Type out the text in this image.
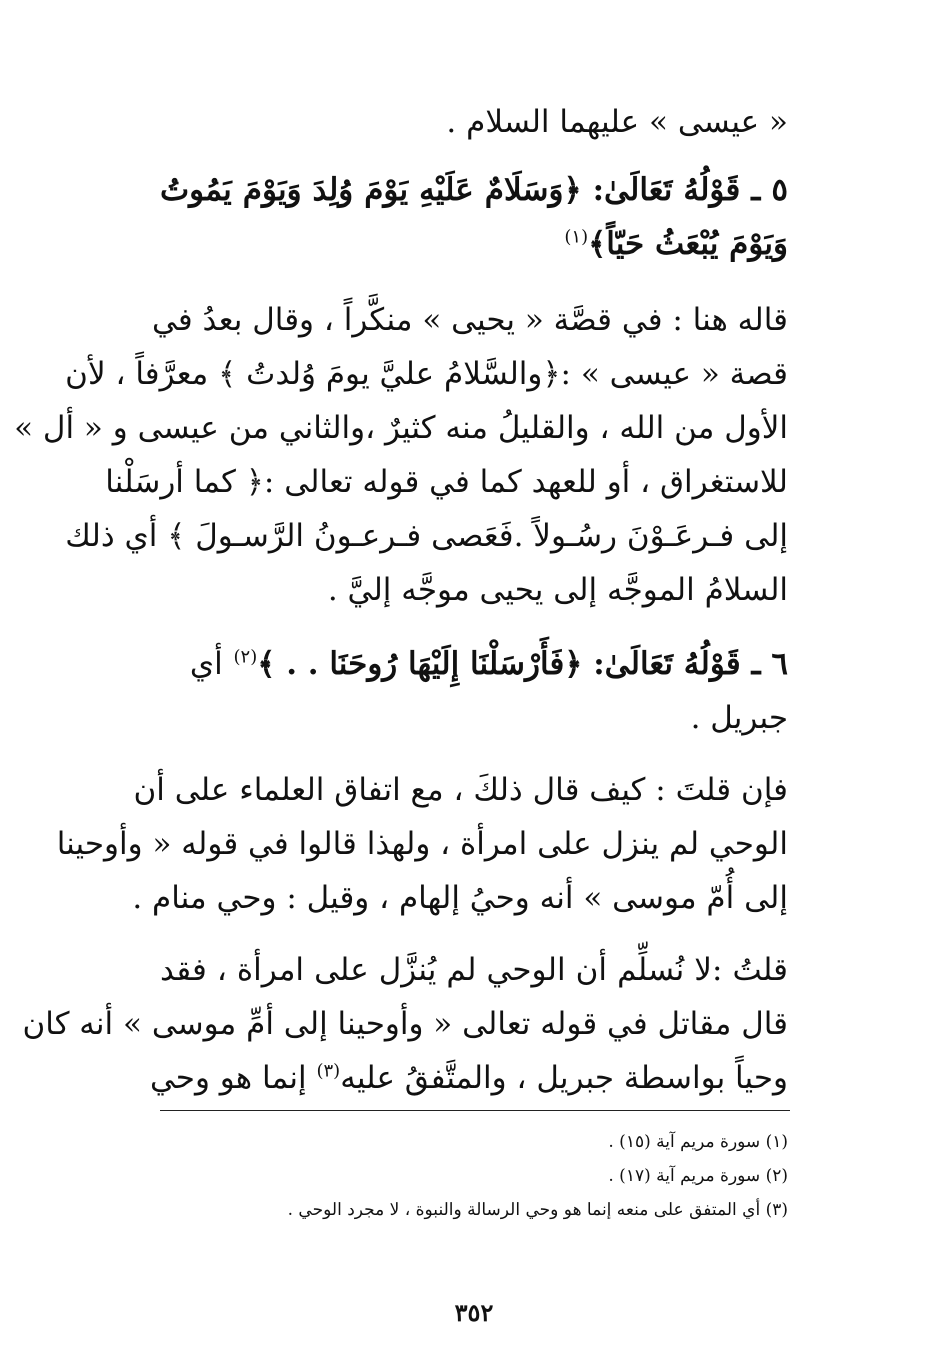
« عيسى » عليهما السلام .
٥ ـ قَوْلُهُ تَعَالَىٰ: ﴿وَسَلَامٌ عَلَيْهِ يَوْمَ وُلِدَ وَيَوْمَ يَمُوتُ
وَيَوْمَ يُبْعَثُ حَيّاً﴾$^{(١)}$
قاله هنا : في قصَّة « يحيى » منكَّراً ، وقال بعدُ في
قصة « عيسى » :﴿والسَّلامُ عليَّ يومَ وُلدتُ ﴾ معرَّفاً ، لأن
الأول من الله ، والقليلُ منه كثيرٌ ،والثاني من عيسى و « أل »
للاستغراق ، أو للعهد كما في قوله تعالى :﴿ كما أرسَلْنا
إلى فـرعَـوْنَ رسُـولاً .فَعَصى فـرعـونُ الرَّسـولَ ﴾ أي ذلك
السلامُ الموجَّه إلى يحيى موجَّه إليَّ .
٦ ـ قَوْلُهُ تَعَالَىٰ: ﴿فَأَرْسَلْنَا إِلَيْهَا رُوحَنَا . . ﴾$^{(٢)}$ أي
جبريل .
فإن قلتَ : كيف قال ذلكَ ، مع اتفاق العلماء على أن
الوحي لم ينزل على امرأة ، ولهذا قالوا في قوله « وأوحينا
إلى أُمّ موسى » أنه وحيُ إلهام ، وقيل : وحي منام .
قلتُ :لا نُسلِّم أن الوحي لم يُنزَّل على امرأة ، فقد
قال مقاتل في قوله تعالى « وأوحينا إلى أمِّ موسى » أنه كان
وحياً بواسطة جبريل ، والمتَّفقُ عليه$^{(٣)}$ إنما هو وحي
(١) سورة مريم آية (١٥) .
(٢) سورة مريم آية (١٧) .
(٣) أي المتفق على منعه إنما هو وحي الرسالة والنبوة ، لا مجرد الوحي .
٣٥٢
